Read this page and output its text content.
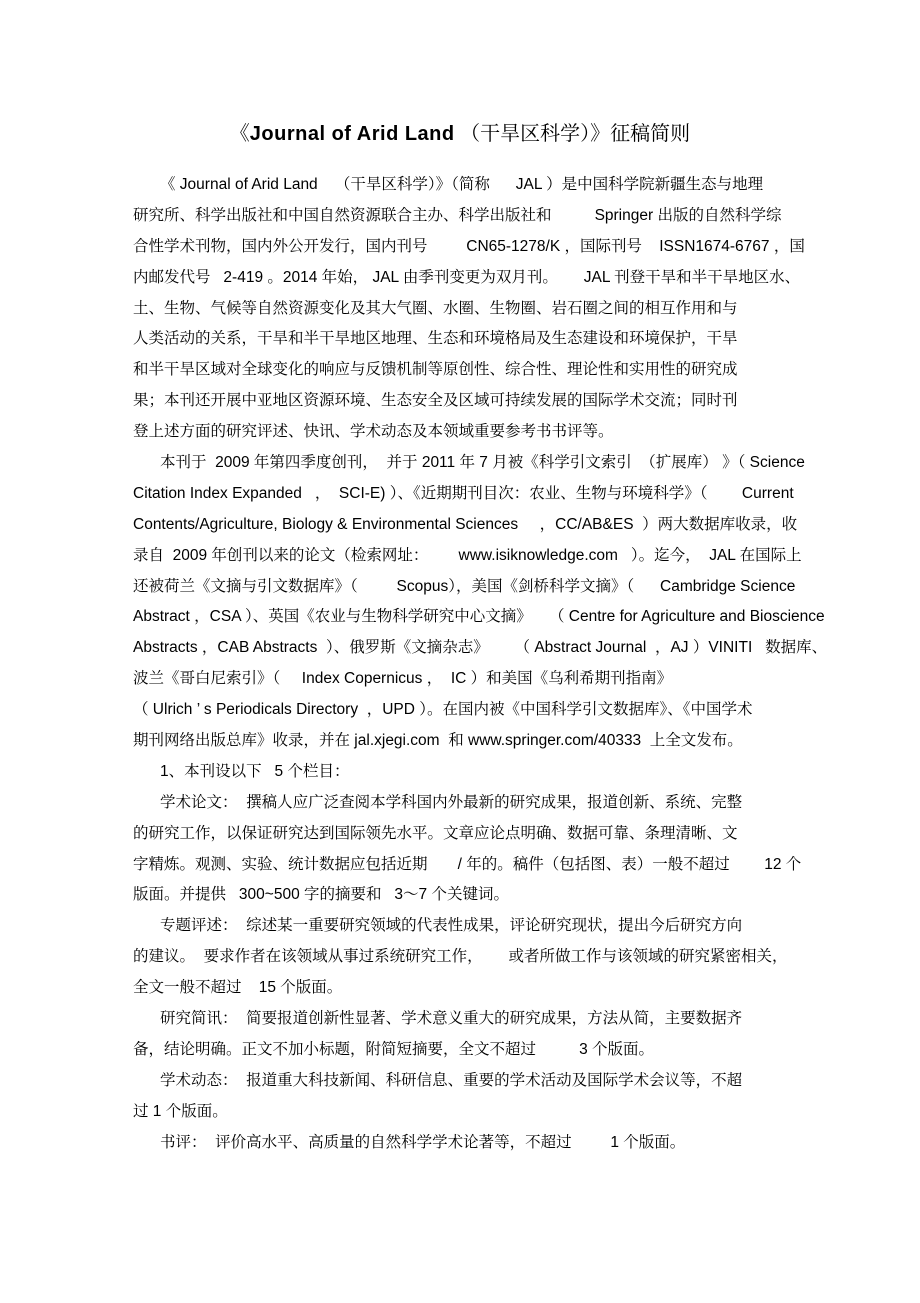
《Journal of Arid Land （干旱区科学）》征稿简则
《 Journal of Arid Land    （干旱区科学）》（简称      JAL ）是中国科学院新疆生态与地理
研究所、科学出版社和中国自然资源联合主办、科学出版社和          Springer 出版的自然科学综
合性学术刊物，国内外公开发行，国内刊号         CN65-1278/K ，国际刊号    ISSN1674-6767 ，国
内邮发代号   2-419 。2014 年始， JAL 由季刊变更为双月刊。      JAL 刊登干旱和半干旱地区水、
土、生物、气候等自然资源变化及其大气圈、水圈、生物圈、岩石圈之间的相互作用和与
人类活动的关系，干旱和半干旱地区地理、生态和环境格局及生态建设和环境保护，干旱
和半干旱区域对全球变化的响应与反馈机制等原创性、综合性、理论性和实用性的研究成
果；本刊还开展中亚地区资源环境、生态安全及区域可持续发展的国际学术交流；同时刊
登上述方面的研究评述、快讯、学术动态及本领域重要参考书书评等。
本刊于  2009 年第四季度创刊，  并于 2011 年 7 月被《科学引文索引  （扩展库） 》（ Science
Citation Index Expanded   ，  SCI-E) ）、《近期期刊目次：农业、生物与环境科学》（        Current
Contents/Agriculture, Biology & Environmental Sciences     ，CC/AB&ES  ）两大数据库收录，收
录自  2009 年创刊以来的论文（检索网址：       www.isiknowledge.com   ）。迄今，  JAL 在国际上
还被荷兰《文摘与引文数据库》（         Scopus），美国《剑桥科学文摘》（      Cambridge Science
Abstract ，CSA ）、英国《农业与生物科学研究中心文摘》    （ Centre for Agriculture and Bioscience
Abstracts ，CAB Abstracts  ）、俄罗斯《文摘杂志》      （ Abstract Journal  ，AJ ）VINITI   数据库、
波兰《哥白尼索引》（     Index Copernicus ，  IC ）和美国《乌利希期刊指南》
（ Ulrich ’ s Periodicals Directory  ，UPD ）。在国内被《中国科学引文数据库》、《中国学术
期刊网络出版总库》收录，并在 jal.xjegi.com  和 www.springer.com/40333  上全文发布。
1、本刊设以下   5 个栏目：
学术论文：  撰稿人应广泛查阅本学科国内外最新的研究成果，报道创新、系统、完整
的研究工作，以保证研究达到国际领先水平。文章应论点明确、数据可靠、条理清晰、文
字精炼。观测、实验、统计数据应包括近期       / 年的。稿件（包括图、表）一般不超过        12 个
版面。并提供   300~500 字的摘要和   3～7 个关键词。
专题评述：  综述某一重要研究领域的代表性成果，评论研究现状，提出今后研究方向
的建议。  要求作者在该领域从事过系统研究工作，      或者所做工作与该领域的研究紧密相关，
全文一般不超过    15 个版面。
研究简讯：  简要报道创新性显著、学术意义重大的研究成果，方法从简，主要数据齐
备，结论明确。正文不加小标题，附简短摘要，全文不超过          3 个版面。
学术动态：  报道重大科技新闻、科研信息、重要的学术活动及国际学术会议等，不超
过 1 个版面。
书评：  评价高水平、高质量的自然科学学术论著等，不超过         1 个版面。
